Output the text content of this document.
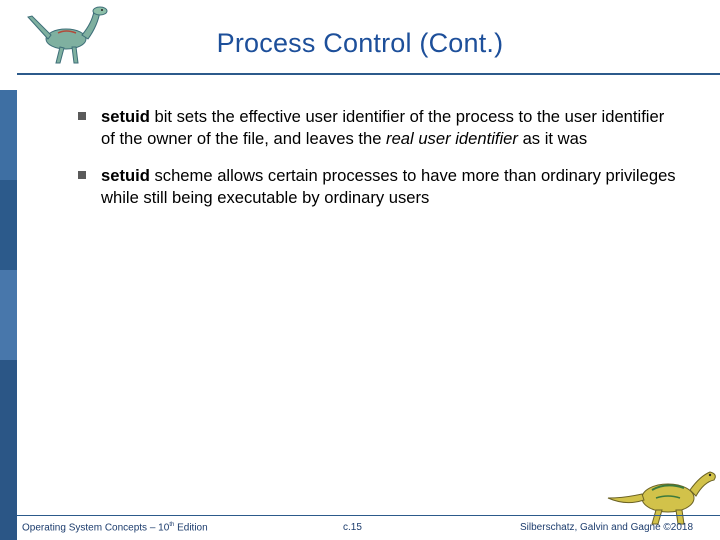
Process Control (Cont.)
setuid bit sets the effective user identifier of the process to the user identifier of the owner of the file, and leaves the real user identifier as it was
setuid scheme allows certain processes to have more than ordinary privileges while still being executable by ordinary users
Operating System Concepts – 10th Edition	c.15	Silberschatz, Galvin and Gagne ©2018
